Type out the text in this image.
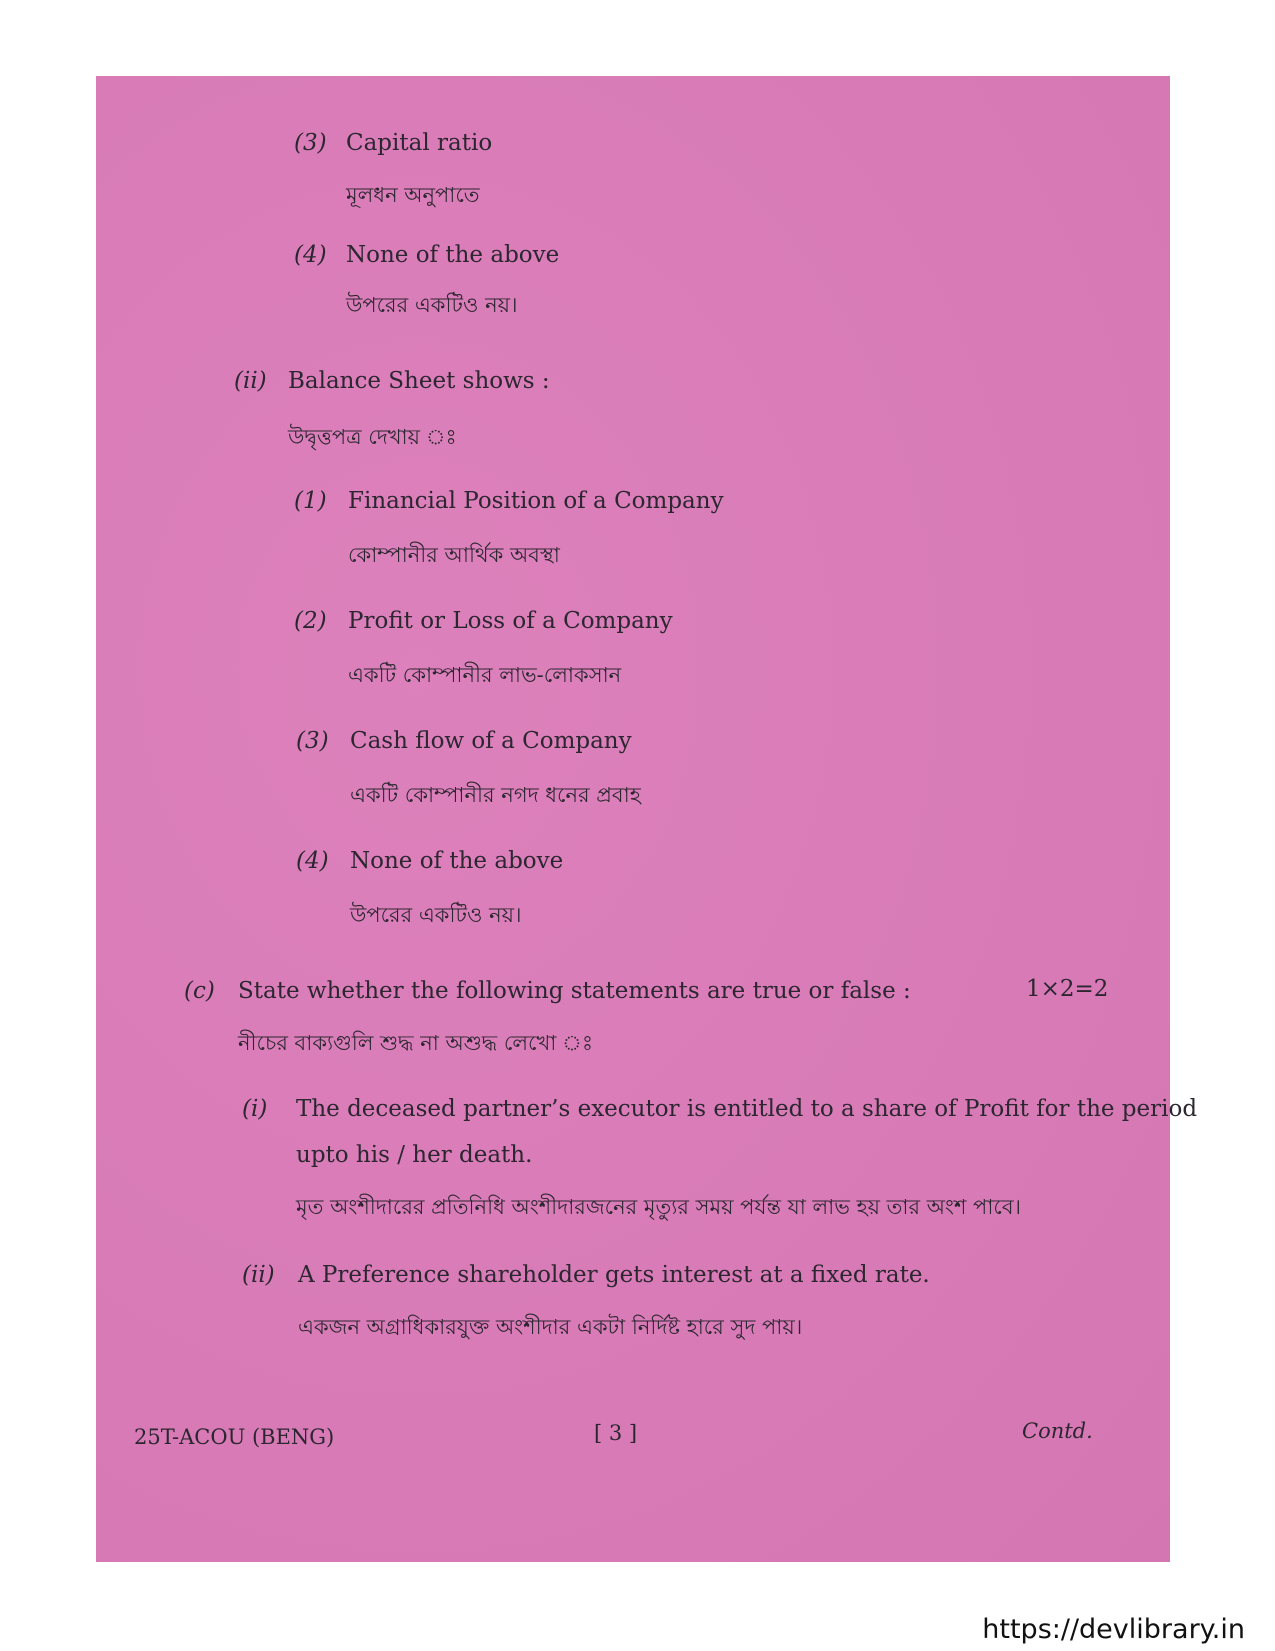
(3) Capital ratio
মূলধন অনুপাতে
(4) None of the above
উপরের একটিও নয়।
(ii) Balance Sheet shows :
উদ্বৃত্তপত্র দেখায় ঃ
(1) Financial Position of a Company
কোম্পানীর আর্থিক অবস্থা
(2) Profit or Loss of a Company
একটি কোম্পানীর লাভ-লোকসান
(3) Cash flow of a Company
একটি কোম্পানীর নগদ ধনের প্রবাহ
(4) None of the above
উপরের একটিও নয়।
(c) State whether the following statements are true or false :	1×2=2
নীচের বাক্যগুলি শুদ্ধ না অশুদ্ধ লেখো ঃ
(i) The deceased partner’s executor is entitled to a share of Profit for the period
upto his / her death.
মৃত অংশীদারের প্রতিনিধি অংশীদারজনের মৃত্যুর সময় পর্যন্ত যা লাভ হয় তার অংশ পাবে।
(ii) A Preference shareholder gets interest at a fixed rate.
একজন অগ্রাধিকারযুক্ত অংশীদার একটা নির্দিষ্ট হারে সুদ পায়।
25T-ACOU (BENG)	[ 3 ]	Contd.
https://devlibrary.in
